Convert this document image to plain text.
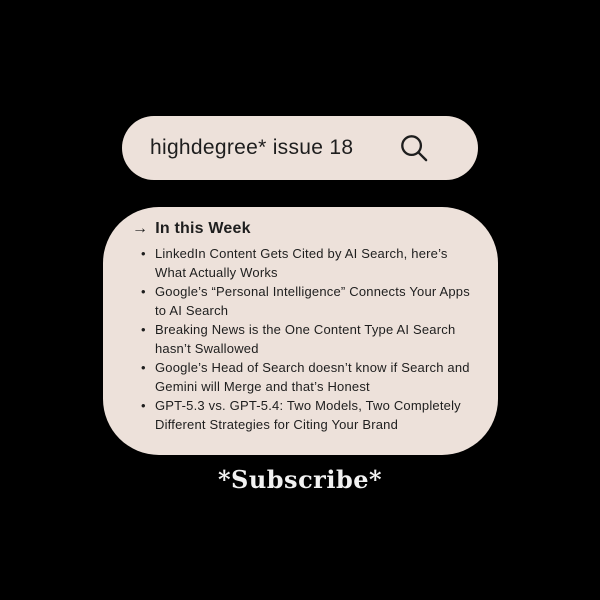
highdegree* issue 18
→ In this Week
• LinkedIn Content Gets Cited by AI Search, here’s What Actually Works
• Google’s “Personal Intelligence” Connects Your Apps to AI Search
• Breaking News is the One Content Type AI Search hasn’t Swallowed
• Google’s Head of Search doesn’t know if Search and Gemini will Merge and that’s Honest
• GPT-5.3 vs. GPT-5.4: Two Models, Two Completely Different Strategies for Citing Your Brand
*Subscribe*
